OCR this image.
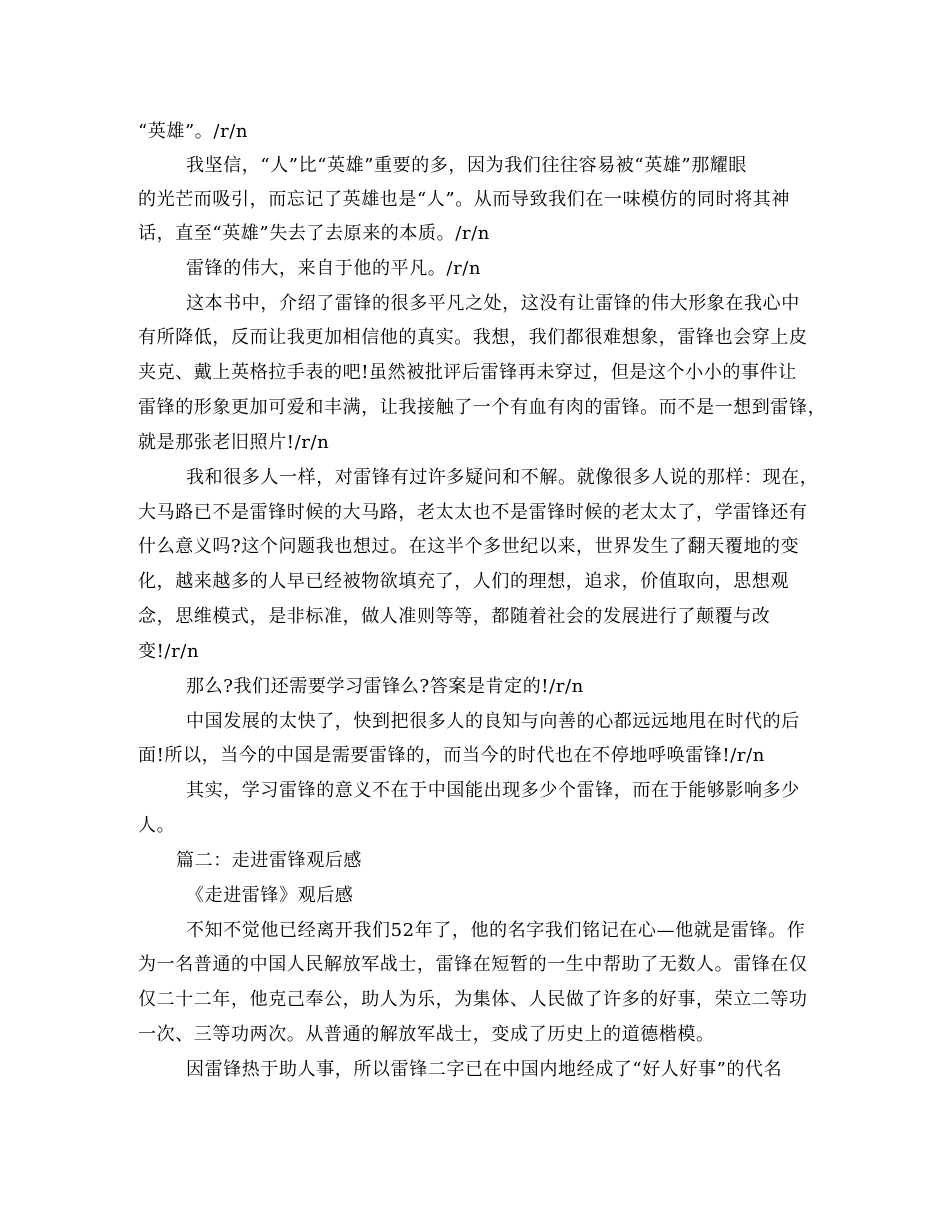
“英雄”。/r/n
我坚信，“人”比“英雄”重要的多，因为我们往往容易被“英雄”那耀眼
的光芒而吸引，而忘记了英雄也是“人”。从而导致我们在一味模仿的同时将其神
话，直至“英雄”失去了去原来的本质。/r/n
雷锋的伟大，来自于他的平凡。/r/n
这本书中，介绍了雷锋的很多平凡之处，这没有让雷锋的伟大形象在我心中
有所降低，反而让我更加相信他的真实。我想，我们都很难想象，雷锋也会穿上皮
夹克、戴上英格拉手表的吧!虽然被批评后雷锋再未穿过，但是这个小小的事件让
雷锋的形象更加可爱和丰满，让我接触了一个有血有肉的雷锋。而不是一想到雷锋，
就是那张老旧照片!/r/n
我和很多人一样，对雷锋有过许多疑问和不解。就像很多人说的那样：现在，
大马路已不是雷锋时候的大马路，老太太也不是雷锋时候的老太太了，学雷锋还有
什么意义吗?这个问题我也想过。在这半个多世纪以来，世界发生了翻天覆地的变
化，越来越多的人早已经被物欲填充了，人们的理想，追求，价值取向，思想观
念，思维模式，是非标准，做人准则等等，都随着社会的发展进行了颠覆与改
变!/r/n
那么?我们还需要学习雷锋么?答案是肯定的!/r/n
中国发展的太快了，快到把很多人的良知与向善的心都远远地甩在时代的后
面!所以，当今的中国是需要雷锋的，而当今的时代也在不停地呼唤雷锋!/r/n
其实，学习雷锋的意义不在于中国能出现多少个雷锋，而在于能够影响多少
人。
篇二：走进雷锋观后感
《走进雷锋》观后感
不知不觉他已经离开我们52年了，他的名字我们铭记在心—他就是雷锋。作
为一名普通的中国人民解放军战士，雷锋在短暂的一生中帮助了无数人。雷锋在仅
仅二十二年，他克己奉公，助人为乐，为集体、人民做了许多的好事，荣立二等功
一次、三等功两次。从普通的解放军战士，变成了历史上的道德楷模。
因雷锋热于助人事，所以雷锋二字已在中国内地经成了“好人好事”的代名
